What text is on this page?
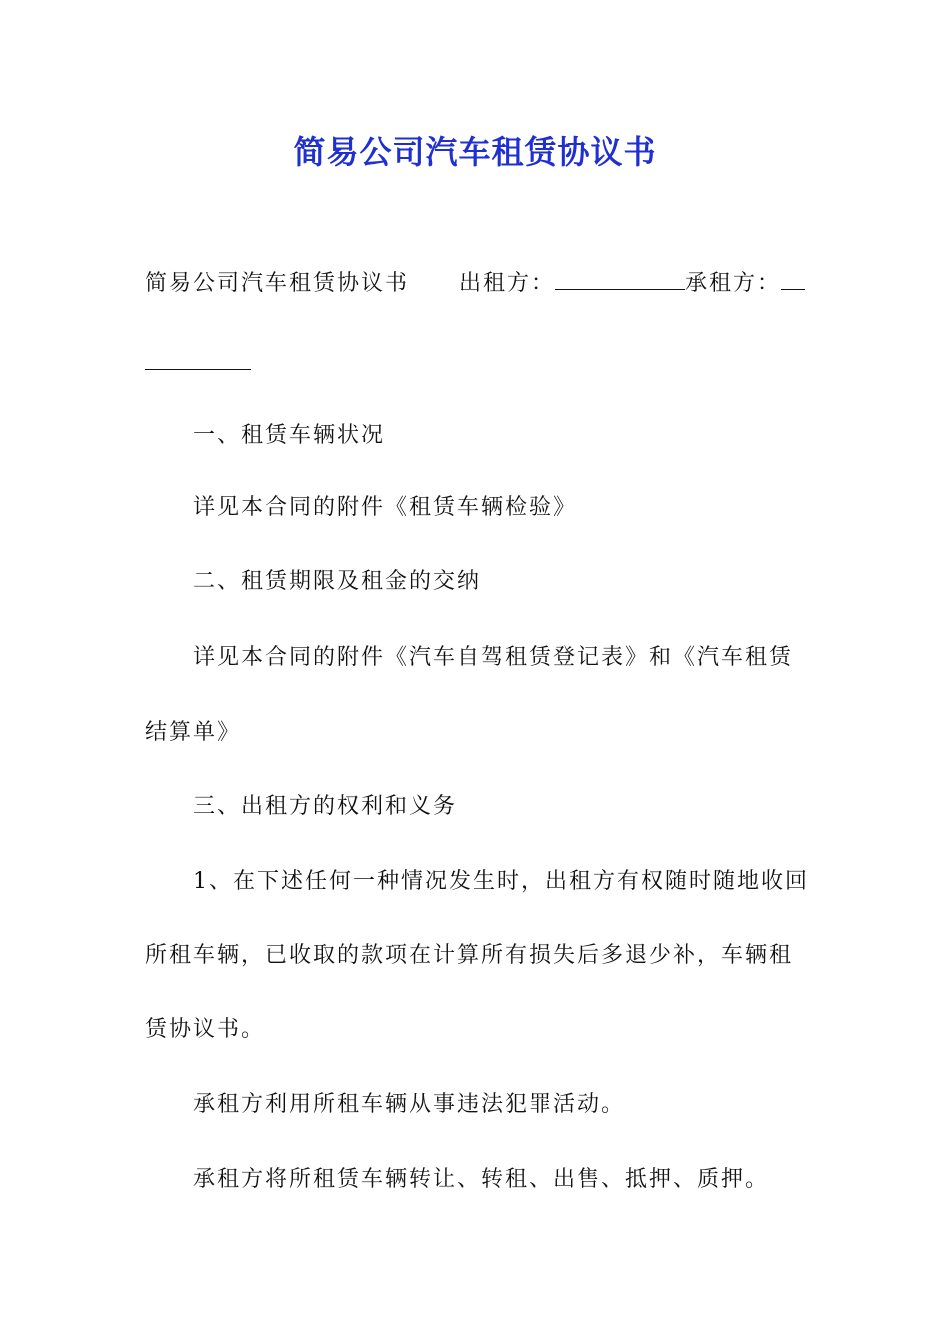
简易公司汽车租赁协议书
简易公司汽车租赁协议书 出租方：	承租方：
一、租赁车辆状况
详见本合同的附件《租赁车辆检验》
二、租赁期限及租金的交纳
详见本合同的附件《汽车自驾租赁登记表》和《汽车租赁
结算单》
三、出租方的权利和义务
1、在下述任何一种情况发生时，出租方有权随时随地收回
所租车辆，已收取的款项在计算所有损失后多退少补，车辆租
赁协议书。
承租方利用所租车辆从事违法犯罪活动。
承租方将所租赁车辆转让、转租、出售、抵押、质押。
